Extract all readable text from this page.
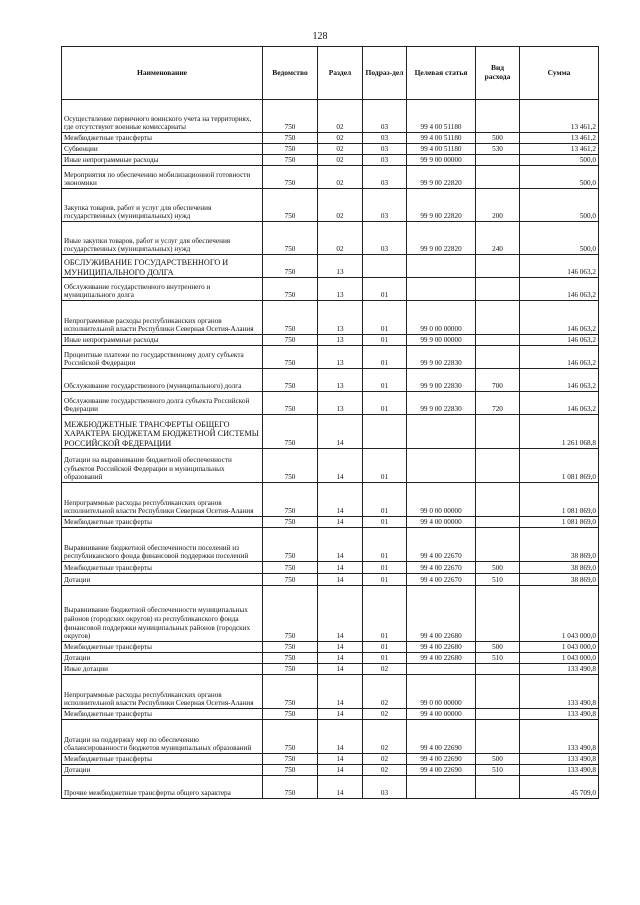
128
Наименование	Ведомство	Раздел	Подраз-дел	Целевая статья	Вид расхода	Сумма
Осуществление первичного воинского учета на территориях, где отсутствуют военные комиссариаты	750	02	03	99 4 00 51180		13 461,2
Межбюджетные трансферты	750	02	03	99 4 00 51180	500	13 461,2
Субвенции	750	02	03	99 4 00 51180	530	13 461,2
Иные непрограммные расходы	750	02	03	99 9 00 00000		500,0
Мероприятия по обеспечению мобилизационной готовности экономики	750	02	03	99 9 00 22820		500,0
Закупка товаров, работ и услуг для обеспечения государственных (муниципальных) нужд	750	02	03	99 9 00 22820	200	500,0
Иные закупки товаров, работ и услуг для обеспечения государственных (муниципальных) нужд	750	02	03	99 9 00 22820	240	500,0
ОБСЛУЖИВАНИЕ ГОСУДАРСТВЕННОГО И МУНИЦИПАЛЬНОГО ДОЛГА	750	13				146 063,2
Обслуживание государственного внутреннего и муниципального долга	750	13	01			146 063,2
Непрограммные расходы республиканских органов исполнительной власти Республики Северная Осетия-Алания	750	13	01	99 0 00 00000		146 063,2
Иные непрограммные расходы	750	13	01	99 9 00 00000		146 063,2
Процентные платежи по государственному долгу субъекта Российской Федерации	750	13	01	99 9 00 22830		146 063,2
Обслуживание государственного (муниципального) долга	750	13	01	99 9 00 22830	700	146 063,2
Обслуживание государственного долга субъекта Российской Федерации	750	13	01	99 9 00 22830	720	146 063,2
МЕЖБЮДЖЕТНЫЕ ТРАНСФЕРТЫ ОБЩЕГО ХАРАКТЕРА БЮДЖЕТАМ БЮДЖЕТНОЙ СИСТЕМЫ РОССИЙСКОЙ ФЕДЕРАЦИИ	750	14				1 261 068,8
Дотации на выравнивание бюджетной обеспеченности субъектов Российской Федерации и муниципальных образований	750	14	01			1 081 869,0
Непрограммные расходы республиканских органов исполнительной власти Республики Северная Осетия-Алания	750	14	01	99 0 00 00000		1 081 869,0
Межбюджетные трансферты	750	14	01	99 4 00 00000		1 081 869,0
Выравнивание бюджетной обеспеченности поселений из республиканского фонда финансовой поддержки поселений	750	14	01	99 4 00 22670		38 869,0
Межбюджетные трансферты	750	14	01	99 4 00 22670	500	38 869,0
Дотации	750	14	01	99 4 00 22670	510	38 869,0
Выравнивание бюджетной обеспеченности муниципальных районов (городских округов) из республиканского фонда финансовой поддержки муниципальных районов (городских округов)	750	14	01	99 4 00 22680		1 043 000,0
Межбюджетные трансферты	750	14	01	99 4 00 22680	500	1 043 000,0
Дотации	750	14	01	99 4 00 22680	510	1 043 000,0
Иные дотации	750	14	02			133 490,8
Непрограммные расходы республиканских органов исполнительной власти Республики Северная Осетия-Алания	750	14	02	99 0 00 00000		133 490,8
Межбюджетные трансферты	750	14	02	99 4 00 00000		133 490,8
Дотации на поддержку мер по обеспечению сбалансированности бюджетов муниципальных образований	750	14	02	99 4 00 22690		133 490,8
Межбюджетные трансферты	750	14	02	99 4 00 22690	500	133 490,8
Дотации	750	14	02	99 4 00 22690	510	133 490,8
Прочие межбюджетные трансферты общего характера	750	14	03			45 709,0
